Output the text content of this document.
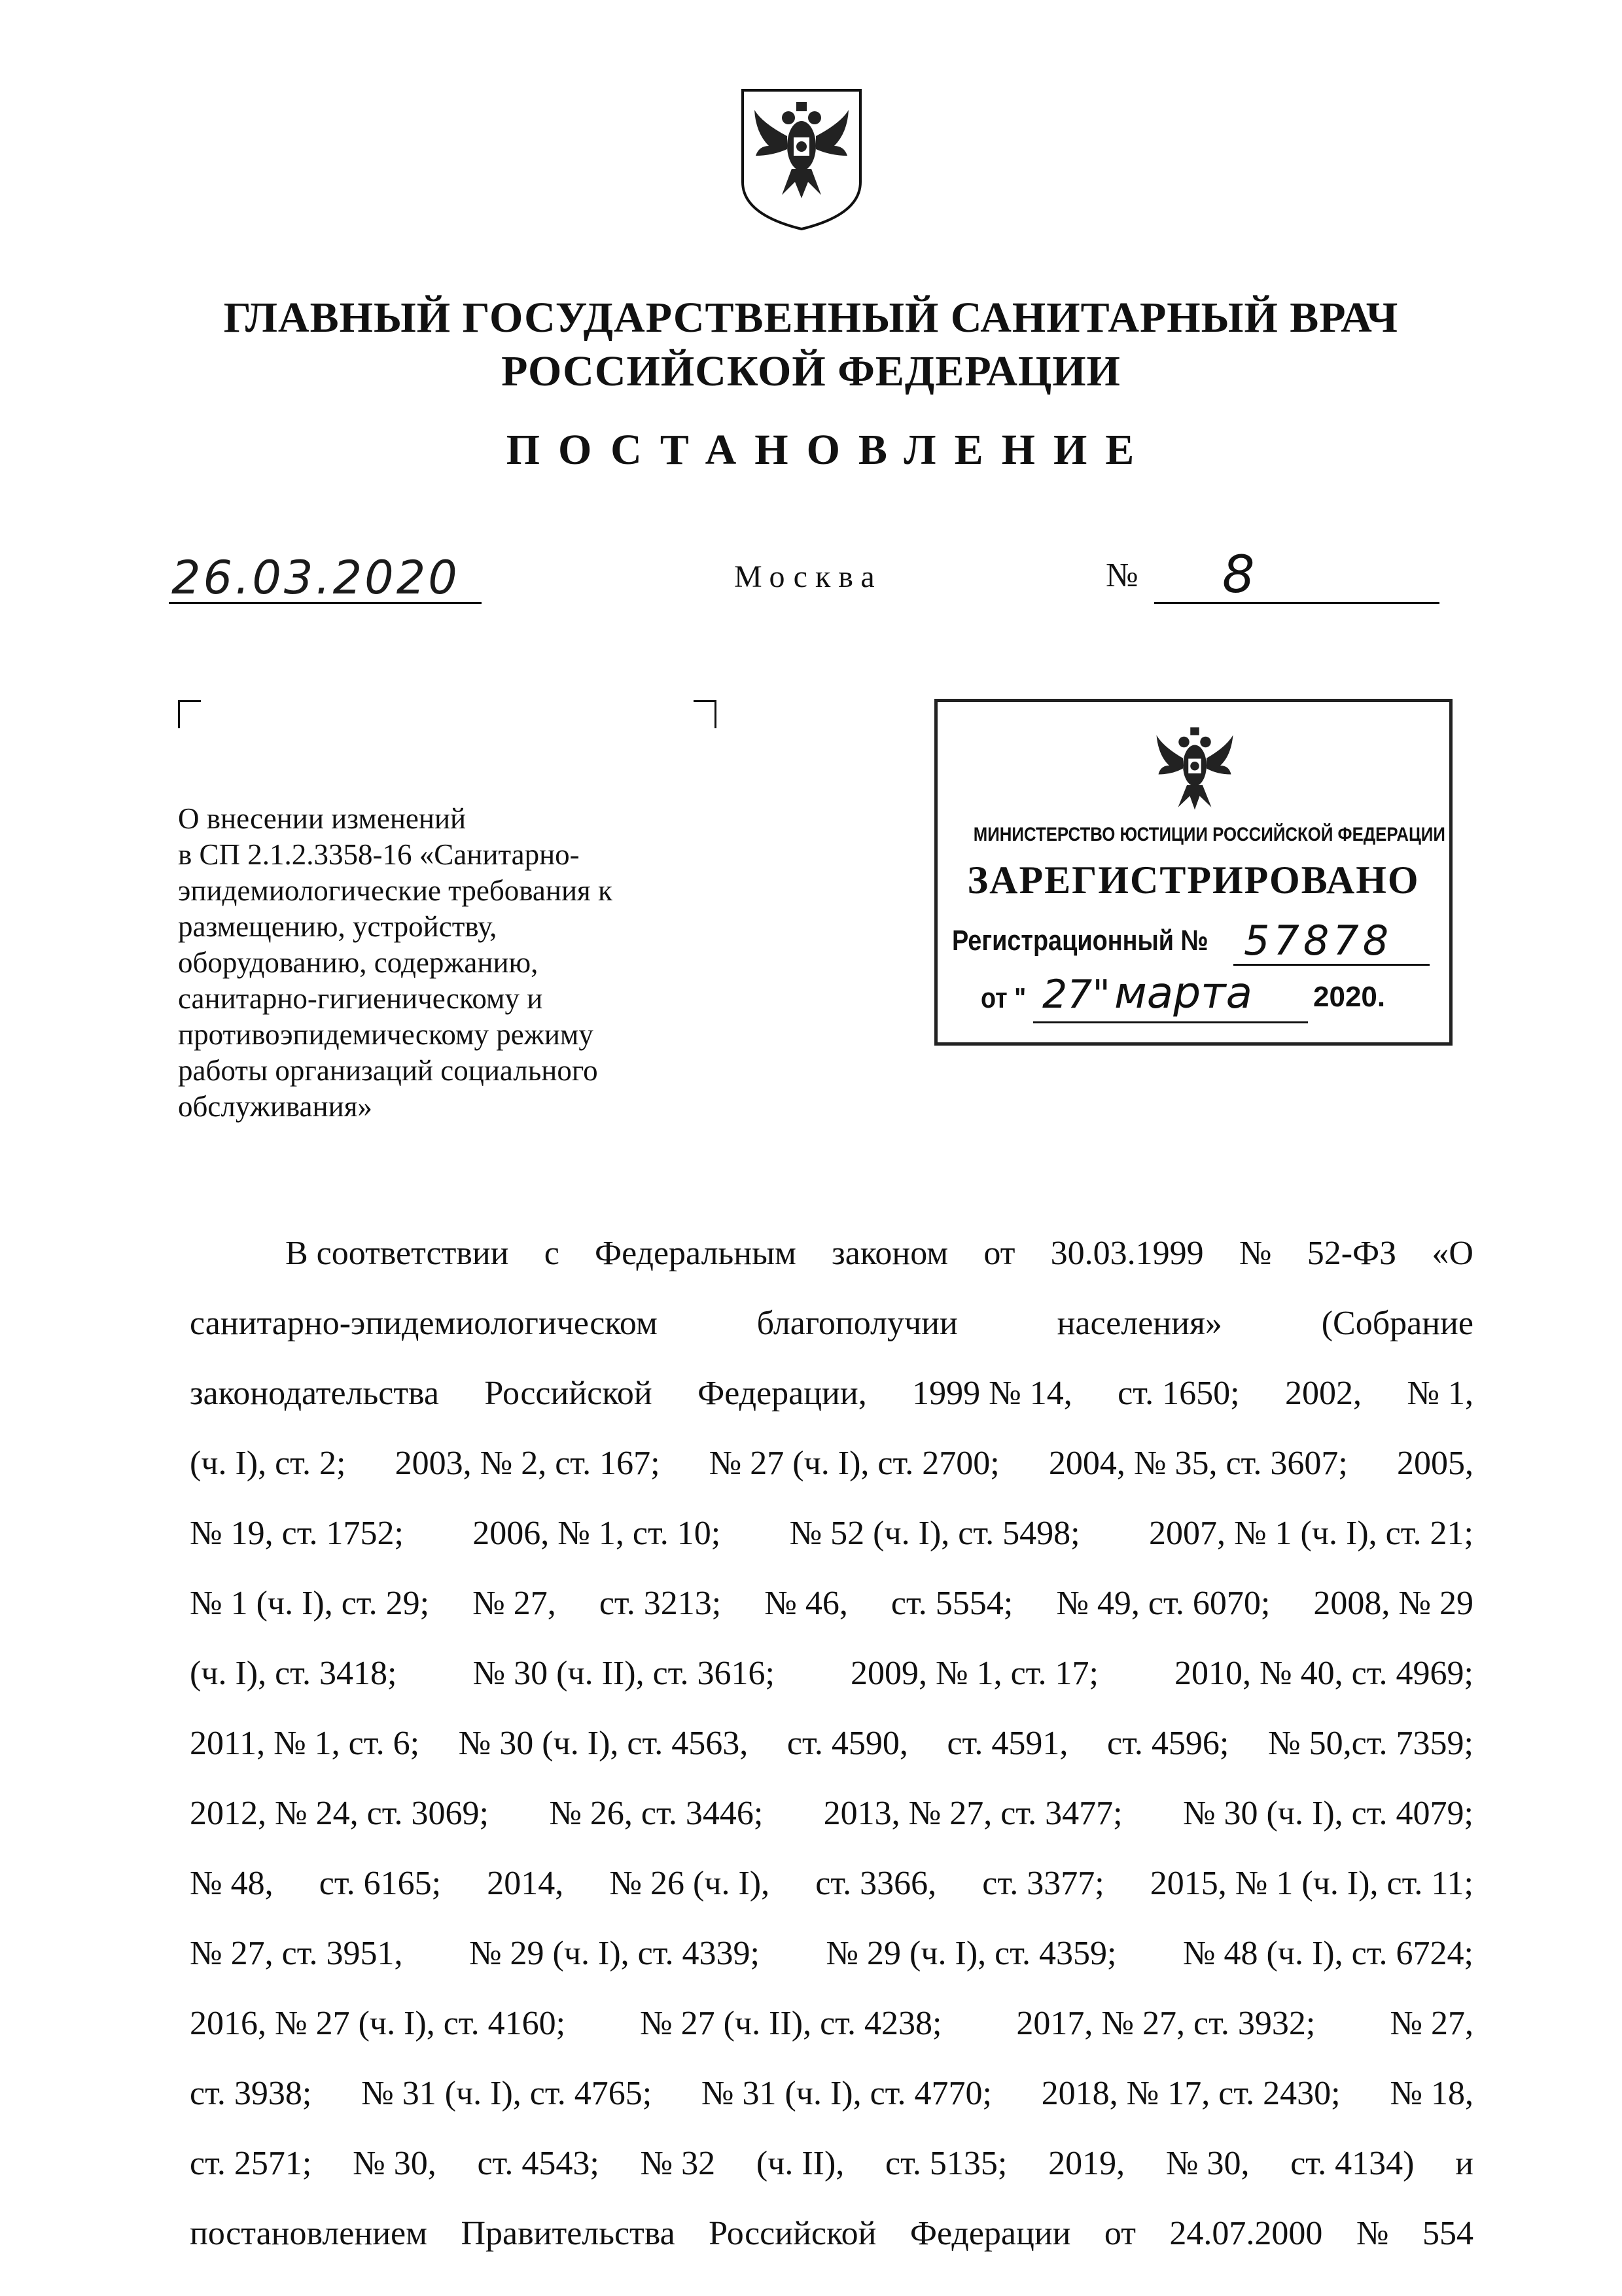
ГЛАВНЫЙ ГОСУДАРСТВЕННЫЙ САНИТАРНЫЙ ВРАЧ
РОССИЙСКОЙ ФЕДЕРАЦИИ
ПОСТАНОВЛЕНИЕ
26.03.2020	Москва	№ 8
О внесении изменений
в СП 2.1.2.3358-16 «Санитарно-
эпидемиологические требования к
размещению, устройству,
оборудованию, содержанию,
санитарно-гигиеническому и
противоэпидемическому режиму
работы организаций социального
обслуживания»
МИНИСТЕРСТВО ЮСТИЦИИ РОССИЙСКОЙ ФЕДЕРАЦИИ
ЗАРЕГИСТРИРОВАНО
Регистрационный № 57878
от " 27" марта 2020.
В соответствии с Федеральным законом от 30.03.1999 № 52-ФЗ «О
санитарно-эпидемиологическом	благополучии	населения»	(Собрание
законодательства Российской Федерации, 1999 № 14, ст. 1650; 2002, № 1,
(ч. I), ст. 2; 2003, № 2, ст. 167; № 27 (ч. I), ст. 2700; 2004, № 35, ст. 3607; 2005,
№ 19, ст. 1752; 2006, № 1, ст. 10; № 52 (ч. I), ст. 5498; 2007, № 1 (ч. I), ст. 21;
№ 1 (ч. I), ст. 29; № 27, ст. 3213; № 46, ст. 5554; № 49, ст. 6070; 2008, № 29
(ч. I), ст. 3418; № 30 (ч. II), ст. 3616; 2009, № 1, ст. 17; 2010, № 40, ст. 4969;
2011, № 1, ст. 6; № 30 (ч. I), ст. 4563, ст. 4590, ст. 4591, ст. 4596; № 50,ст. 7359;
2012, № 24, ст. 3069; № 26, ст. 3446; 2013, № 27, ст. 3477; № 30 (ч. I), ст. 4079;
№ 48, ст. 6165; 2014, № 26 (ч. I), ст. 3366, ст. 3377; 2015, № 1 (ч. I), ст. 11;
№ 27, ст. 3951, № 29 (ч. I), ст. 4339; № 29 (ч. I), ст. 4359; № 48 (ч. I), ст. 6724;
2016, № 27 (ч. I), ст. 4160; № 27 (ч. II), ст. 4238; 2017, № 27, ст. 3932; № 27,
ст. 3938; № 31 (ч. I), ст. 4765; № 31 (ч. I), ст. 4770; 2018, № 17, ст. 2430; № 18,
ст. 2571; № 30, ст. 4543; № 32 (ч. II), ст. 5135; 2019, № 30, ст. 4134) и
постановлением Правительства Российской Федерации от 24.07.2000 № 554
